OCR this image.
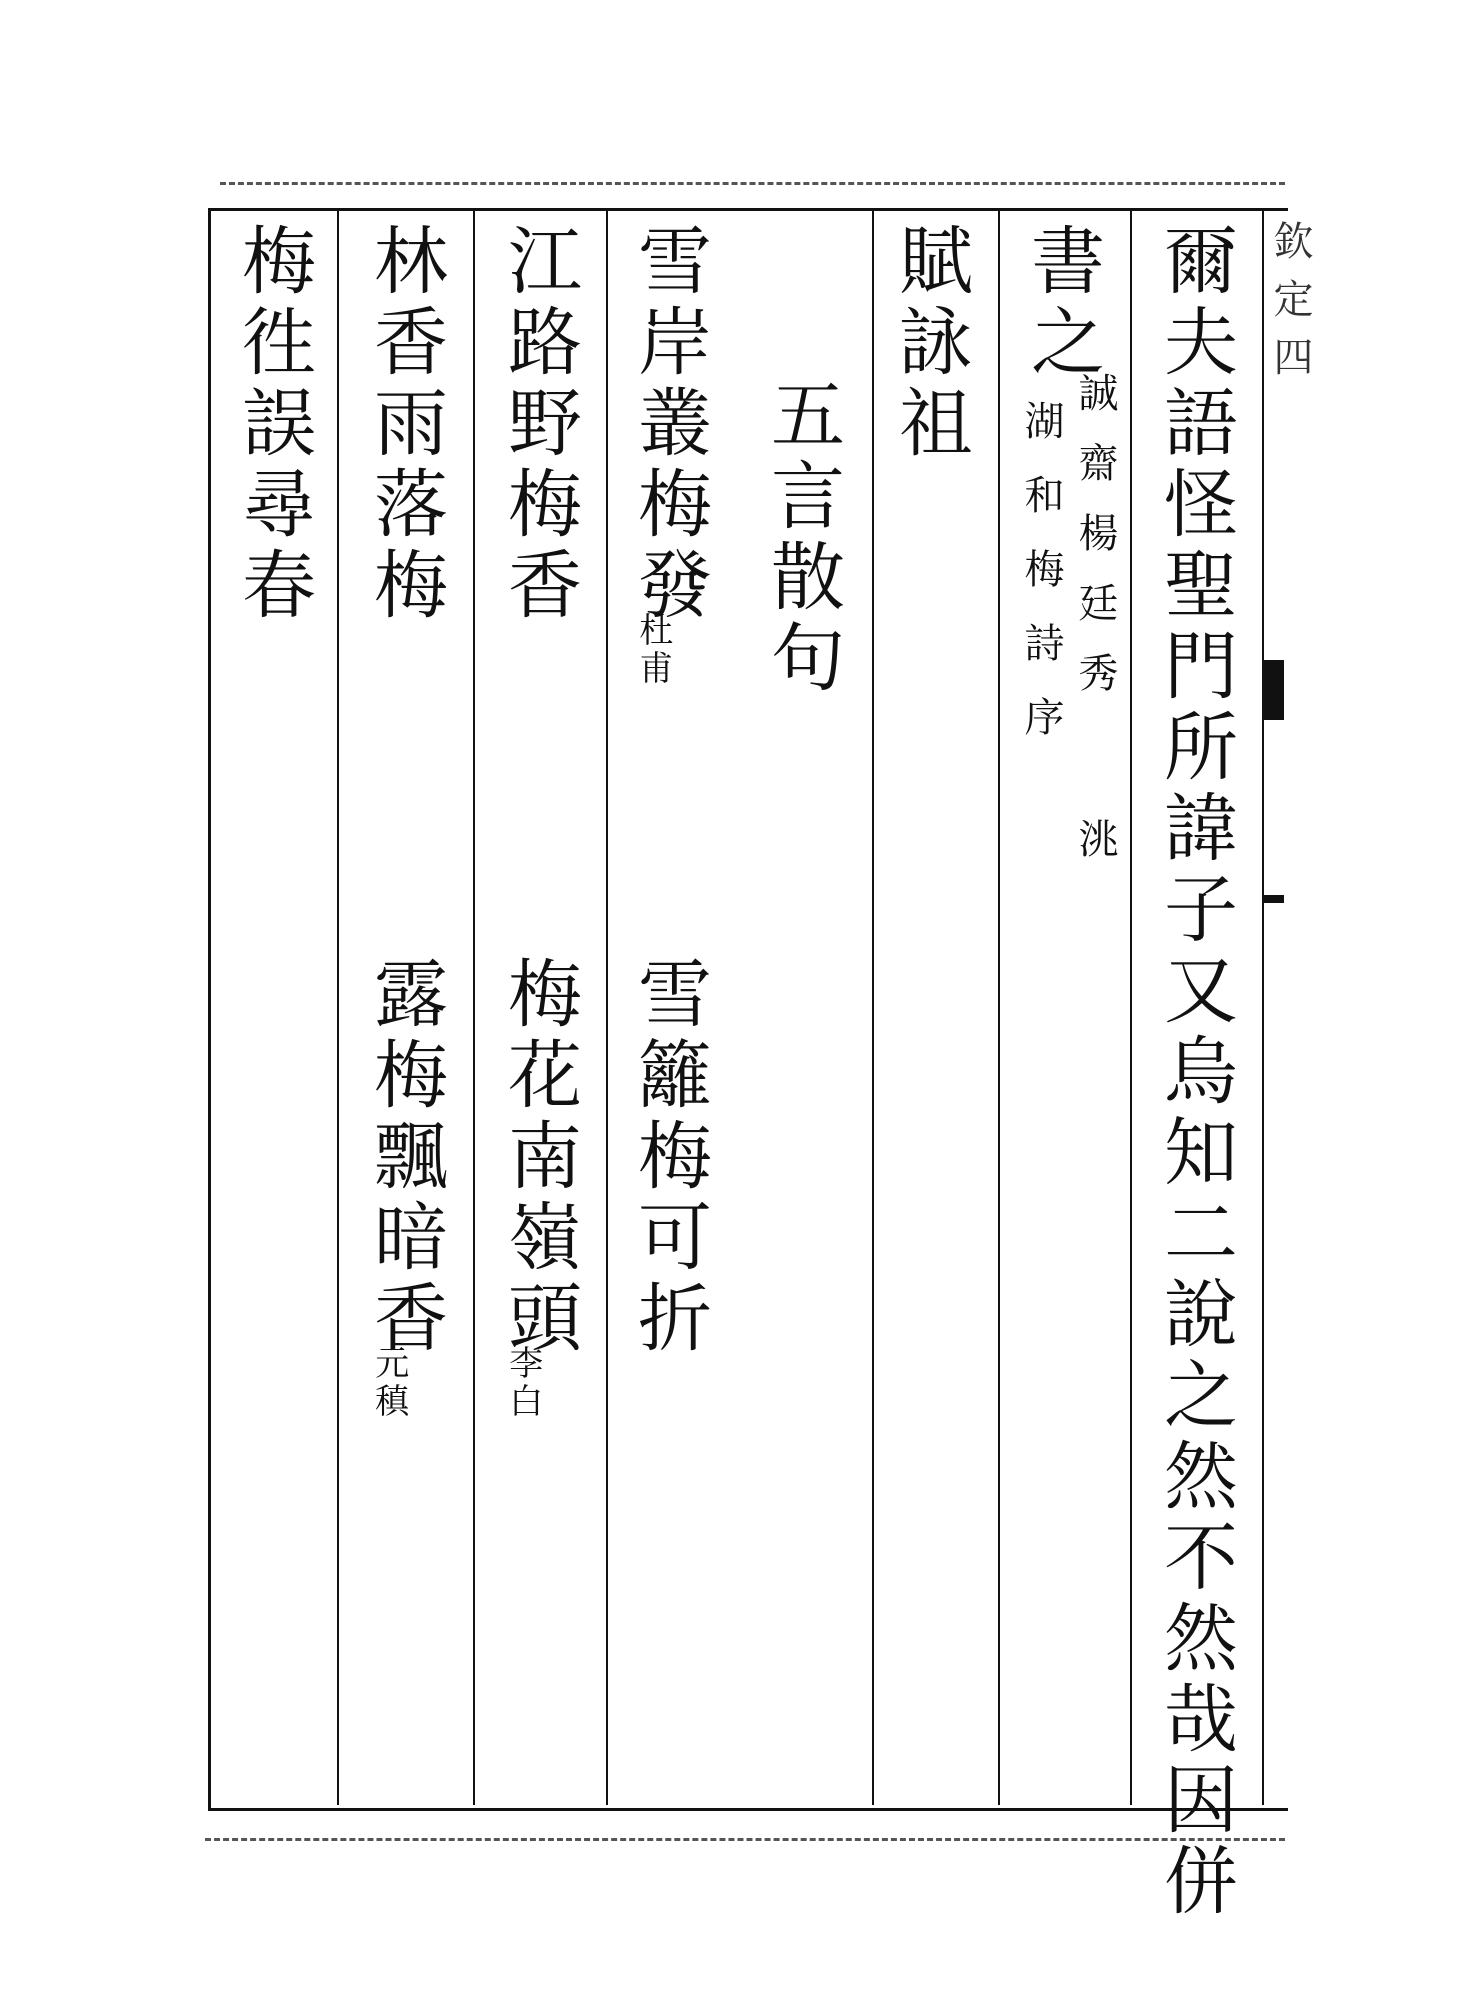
欽定四
爾夫語怪聖門所諱子又烏知二說之然不然哉因併
書之
誠齋楊廷秀
洮
湖和梅詩序
賦詠祖
五言散句
雪岸叢梅發
杜甫
雪籬梅可折
江路野梅香
梅花南嶺頭
李白
林香雨落梅
露梅飄暗香
元稹
梅徃誤尋春
